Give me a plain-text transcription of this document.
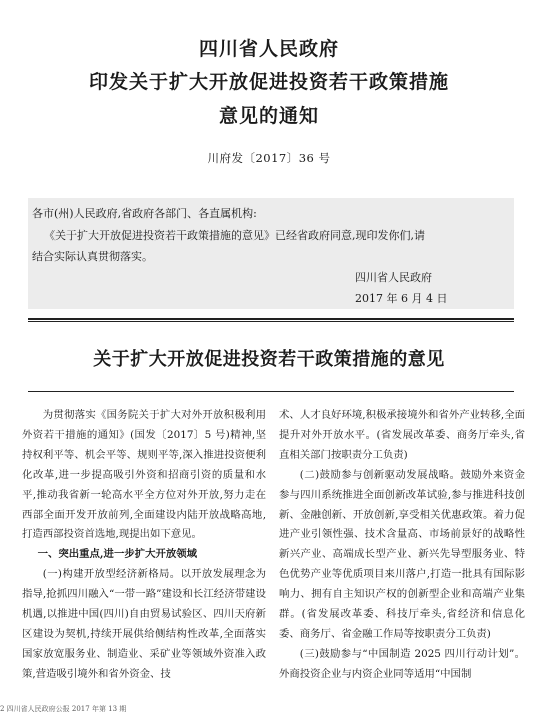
四川省人民政府
印发关于扩大开放促进投资若干政策措施
意见的通知
川府发〔2017〕36 号

各市(州)人民政府,省政府各部门、各直属机构:

《关于扩大开放促进投资若干政策措施的意见》已经省政府同意,现印发你们,请

结合实际认真贯彻落实。

四川省人民政府

2017 年 6 月 4 日

关于扩大开放促进投资若干政策措施的意见

为贯彻落实《国务院关于扩大对外开放积极利用外资若干措施的通知》(国发〔2017〕5 号)精神,坚持权利平等、机会平等、规则平等,深入推进投资便利化改革,进一步提高吸引外资和招商引资的质量和水平,推动我省新一轮高水平全方位对外开放,努力走在西部全面开发开放前列,全面建设内陆开放战略高地,打造西部投资首选地,现提出如下意见。

一、突出重点,进一步扩大开放领域

(一)构建开放型经济新格局。以开放发展理念为指导,抢抓四川融入“一带一路”建设和长江经济带建设机遇,以推进中国(四川)自由贸易试验区、四川天府新区建设为契机,持续开展供给侧结构性改革,全面落实国家放宽服务业、制造业、采矿业等领域外资准入政策,营造吸引境外和省外资金、技

术、人才良好环境,积极承接境外和省外产业转移,全面提升对外开放水平。(省发展改革委、商务厅牵头,省直相关部门按职责分工负责)

(二)鼓励参与创新驱动发展战略。鼓励外来资金参与四川系统推进全面创新改革试验,参与推进科技创新、金融创新、开放创新,享受相关优惠政策。着力促进产业引领性强、技术含量高、市场前景好的战略性新兴产业、高端成长型产业、新兴先导型服务业、特色优势产业等优质项目来川落户,打造一批具有国际影响力、拥有自主知识产权的创新型企业和高端产业集群。(省发展改革委、科技厅牵头,省经济和信息化委、商务厅、省金融工作局等按职责分工负责)

(三)鼓励参与“中国制造 2025 四川行动计划”。外商投资企业与内资企业同等适用“中国制

2 四川省人民政府公报 2017 年第 13 期
